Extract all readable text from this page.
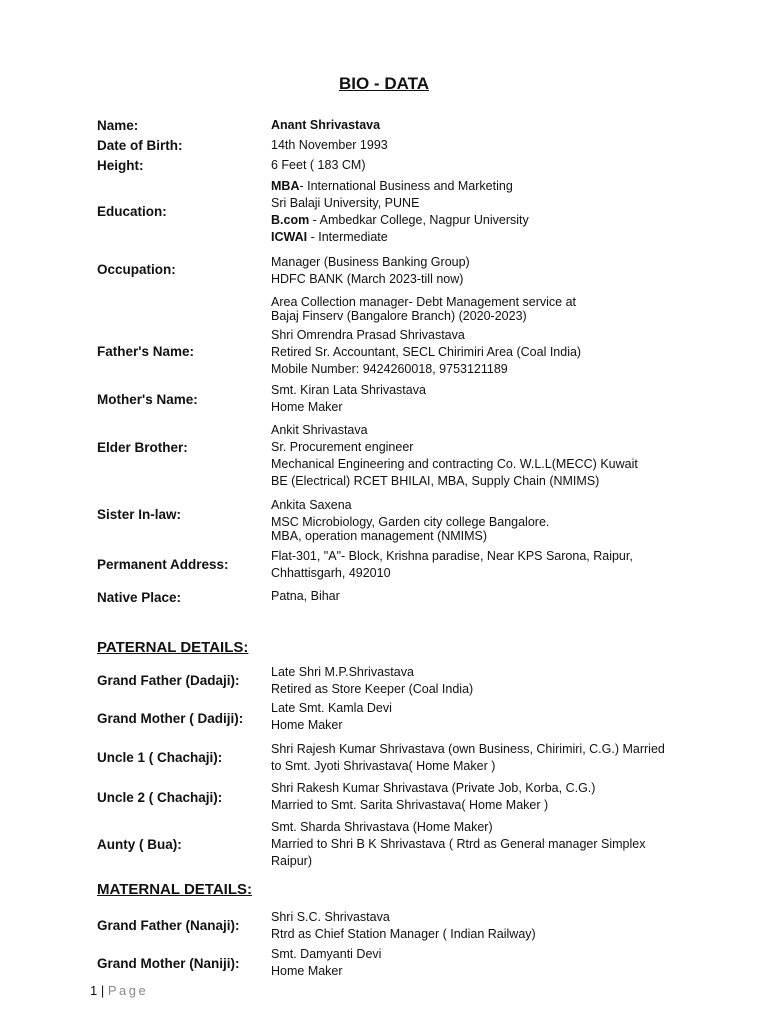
BIO - DATA
Name:	Anant Shrivastava
Date of Birth:	14th November 1993
Height:	6 Feet ( 183 CM)
Education:
MBA- International Business and Marketing
Sri Balaji University, PUNE
B.com - Ambedkar College, Nagpur University
ICWAI - Intermediate
Occupation:	Manager (Business Banking Group)
HDFC BANK (March 2023-till now)
Area Collection manager- Debt Management service at
Bajaj Finserv (Bangalore Branch) (2020-2023)
Father's Name:
Shri Omrendra Prasad Shrivastava
Retired Sr. Accountant, SECL Chirimiri Area (Coal India)
Mobile Number: 9424260018, 9753121189
Mother's Name:
Smt. Kiran Lata Shrivastava
Home Maker
Elder Brother:
Ankit Shrivastava
Sr. Procurement engineer
Mechanical Engineering and contracting Co. W.L.L(MECC) Kuwait
BE (Electrical) RCET BHILAI, MBA, Supply Chain (NMIMS)
Sister In-law:
Ankita Saxena
MSC Microbiology, Garden city college Bangalore.
MBA, operation management (NMIMS)
Permanent Address:
Flat-301, "A"- Block, Krishna paradise, Near KPS Sarona, Raipur,
Chhattisgarh, 492010
Native Place:	Patna, Bihar
PATERNAL DETAILS:
Grand Father (Dadaji):
Late Shri M.P.Shrivastava
Retired as Store Keeper (Coal India)
Grand Mother ( Dadiji):
Late Smt. Kamla Devi
Home Maker
Uncle 1 ( Chachaji):
Shri Rajesh Kumar Shrivastava (own Business, Chirimiri, C.G.) Married
to Smt. Jyoti Shrivastava( Home Maker )
Uncle 2 ( Chachaji):
Shri Rakesh Kumar Shrivastava (Private Job, Korba, C.G.)
Married to Smt. Sarita Shrivastava( Home Maker )
Aunty ( Bua):
Smt. Sharda Shrivastava (Home Maker)
Married to Shri B K Shrivastava ( Rtrd as General manager Simplex
Raipur)
MATERNAL DETAILS:
Grand Father (Nanaji):
Shri S.C. Shrivastava
Rtrd as Chief Station Manager ( Indian Railway)
Grand Mother (Naniji):
Smt. Damyanti Devi
Home Maker
1 | Page
